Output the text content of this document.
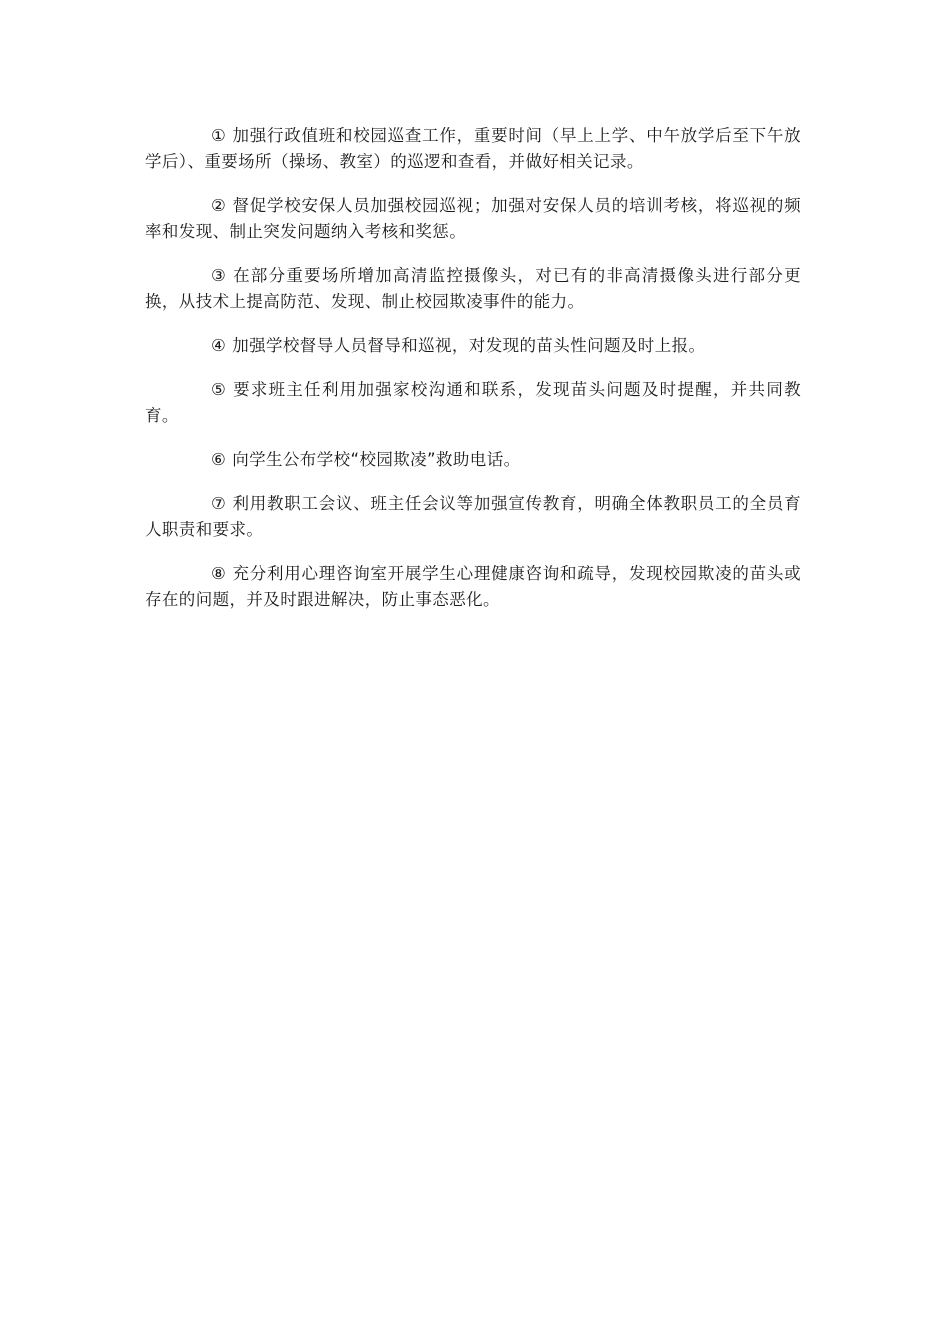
① 加强行政值班和校园巡查工作，重要时间（早上上学、中午放学后至下午放学后）、重要场所（操场、教室）的巡逻和查看，并做好相关记录。

② 督促学校安保人员加强校园巡视；加强对安保人员的培训考核，将巡视的频率和发现、制止突发问题纳入考核和奖惩。

③ 在部分重要场所增加高清监控摄像头，对已有的非高清摄像头进行部分更换，从技术上提高防范、发现、制止校园欺凌事件的能力。

④ 加强学校督导人员督导和巡视，对发现的苗头性问题及时上报。

⑤ 要求班主任利用加强家校沟通和联系，发现苗头问题及时提醒，并共同教育。

⑥ 向学生公布学校“校园欺凌”救助电话。

⑦ 利用教职工会议、班主任会议等加强宣传教育，明确全体教职员工的全员育人职责和要求。

⑧ 充分利用心理咨询室开展学生心理健康咨询和疏导，发现校园欺凌的苗头或存在的问题，并及时跟进解决，防止事态恶化。
